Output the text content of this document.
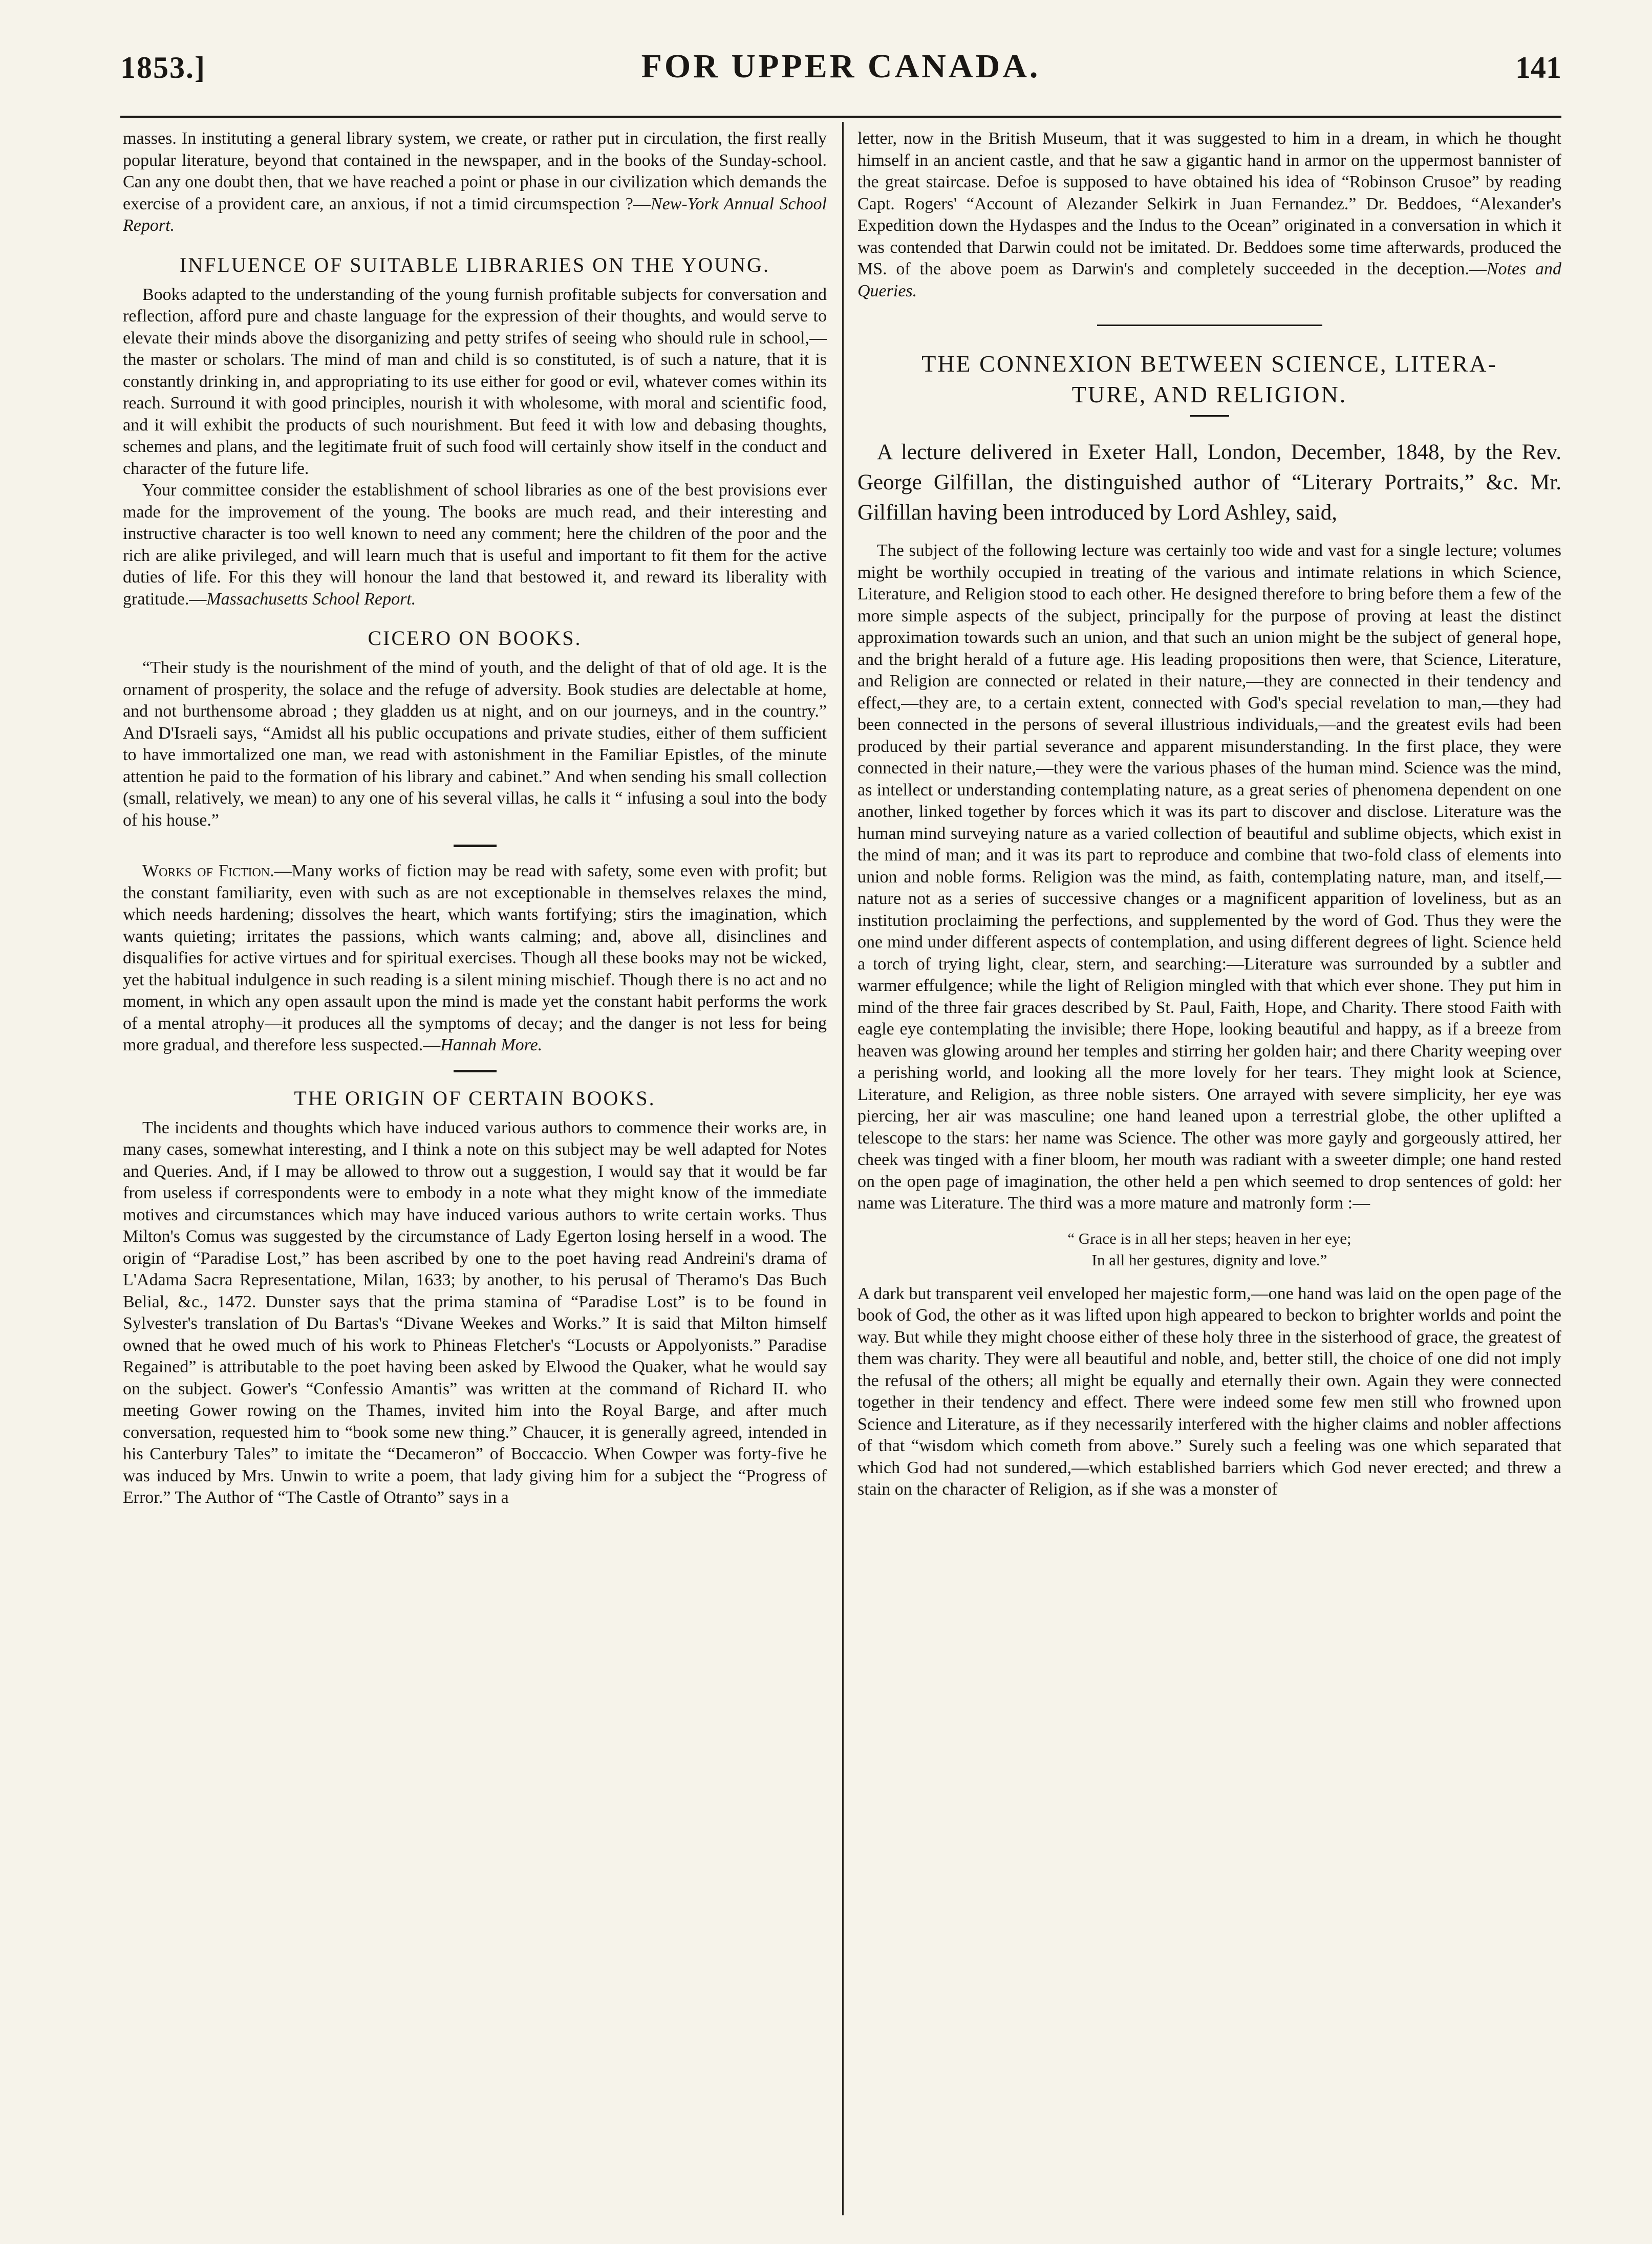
1853.]	FOR UPPER CANADA.	141

masses. In instituting a general library system, we create, or rather put in circulation, the first really popular literature, beyond that contained in the newspaper, and in the books of the Sunday-school. Can any one doubt then, that we have reached a point or phase in our civilization which demands the exercise of a provident care, an anxious, if not a timid circumspection ?—New-York Annual School Report.

INFLUENCE OF SUITABLE LIBRARIES ON THE YOUNG.

Books adapted to the understanding of the young furnish profitable subjects for conversation and reflection, afford pure and chaste language for the expression of their thoughts, and would serve to elevate their minds above the disorganizing and petty strifes of seeing who should rule in school,—the master or scholars. The mind of man and child is so constituted, is of such a nature, that it is constantly drinking in, and appropriating to its use either for good or evil, whatever comes within its reach. Surround it with good principles, nourish it with wholesome, with moral and scientific food, and it will exhibit the products of such nourishment. But feed it with low and debasing thoughts, schemes and plans, and the legitimate fruit of such food will certainly show itself in the conduct and character of the future life.

Your committee consider the establishment of school libraries as one of the best provisions ever made for the improvement of the young. The books are much read, and their interesting and instructive character is too well known to need any comment; here the children of the poor and the rich are alike privileged, and will learn much that is useful and important to fit them for the active duties of life. For this they will honour the land that bestowed it, and reward its liberality with gratitude.—Massachusetts School Report.

CICERO ON BOOKS.

“Their study is the nourishment of the mind of youth, and the delight of that of old age. It is the ornament of prosperity, the solace and the refuge of adversity. Book studies are delectable at home, and not burthensome abroad ; they gladden us at night, and on our journeys, and in the country.” And D'Israeli says, “Amidst all his public occupations and private studies, either of them sufficient to have immortalized one man, we read with astonishment in the Familiar Epistles, of the minute attention he paid to the formation of his library and cabinet.” And when sending his small collection (small, relatively, we mean) to any one of his several villas, he calls it “ infusing a soul into the body of his house.”

Works of Fiction.—Many works of fiction may be read with safety, some even with profit; but the constant familiarity, even with such as are not exceptionable in themselves relaxes the mind, which needs hardening; dissolves the heart, which wants fortifying; stirs the imagination, which wants quieting; irritates the passions, which wants calming; and, above all, disinclines and disqualifies for active virtues and for spiritual exercises. Though all these books may not be wicked, yet the habitual indulgence in such reading is a silent mining mischief. Though there is no act and no moment, in which any open assault upon the mind is made yet the constant habit performs the work of a mental atrophy—it produces all the symptoms of decay; and the danger is not less for being more gradual, and therefore less suspected.—Hannah More.

THE ORIGIN OF CERTAIN BOOKS.

The incidents and thoughts which have induced various authors to commence their works are, in many cases, somewhat interesting, and I think a note on this subject may be well adapted for Notes and Queries. And, if I may be allowed to throw out a suggestion, I would say that it would be far from useless if correspondents were to embody in a note what they might know of the immediate motives and circumstances which may have induced various authors to write certain works. Thus Milton's Comus was suggested by the circumstance of Lady Egerton losing herself in a wood. The origin of “Paradise Lost,” has been ascribed by one to the poet having read Andreini's drama of L'Adama Sacra Representatione, Milan, 1633; by another, to his perusal of Theramo's Das Buch Belial, &c., 1472. Dunster says that the prima stamina of “Paradise Lost” is to be found in Sylvester's translation of Du Bartas's “Divane Weekes and Works.” It is said that Milton himself owned that he owed much of his work to Phineas Fletcher's “Locusts or Appolyonists.” Paradise Regained” is attributable to the poet having been asked by Elwood the Quaker, what he would say on the subject. Gower's “Confessio Amantis” was written at the command of Richard II. who meeting Gower rowing on the Thames, invited him into the Royal Barge, and after much conversation, requested him to “book some new thing.” Chaucer, it is generally agreed, intended in his Canterbury Tales” to imitate the “Decameron” of Boccaccio. When Cowper was forty-five he was induced by Mrs. Unwin to write a poem, that lady giving him for a subject the “Progress of Error.” The Author of “The Castle of Otranto” says in a

letter, now in the British Museum, that it was suggested to him in a dream, in which he thought himself in an ancient castle, and that he saw a gigantic hand in armor on the uppermost bannister of the great staircase. Defoe is supposed to have obtained his idea of “Robinson Crusoe” by reading Capt. Rogers' “Account of Alezander Selkirk in Juan Fernandez.” Dr. Beddoes, “Alexander's Expedition down the Hydaspes and the Indus to the Ocean” originated in a conversation in which it was contended that Darwin could not be imitated. Dr. Beddoes some time afterwards, produced the MS. of the above poem as Darwin's and completely succeeded in the deception.—Notes and Queries.

THE CONNEXION BETWEEN SCIENCE, LITERA-
TURE, AND RELIGION.

A lecture delivered in Exeter Hall, London, December, 1848, by the Rev. George Gilfillan, the distinguished author of “Literary Portraits,” &c. Mr. Gilfillan having been introduced by Lord Ashley, said,

The subject of the following lecture was certainly too wide and vast for a single lecture; volumes might be worthily occupied in treating of the various and intimate relations in which Science, Literature, and Religion stood to each other. He designed therefore to bring before them a few of the more simple aspects of the subject, principally for the purpose of proving at least the distinct approximation towards such an union, and that such an union might be the subject of general hope, and the bright herald of a future age. His leading propositions then were, that Science, Literature, and Religion are connected or related in their nature,—they are connected in their tendency and effect,—they are, to a certain extent, connected with God's special revelation to man,—they had been connected in the persons of several illustrious individuals,—and the greatest evils had been produced by their partial severance and apparent misunderstanding. In the first place, they were connected in their nature,—they were the various phases of the human mind. Science was the mind, as intellect or understanding contemplating nature, as a great series of phenomena dependent on one another, linked together by forces which it was its part to discover and disclose. Literature was the human mind surveying nature as a varied collection of beautiful and sublime objects, which exist in the mind of man; and it was its part to reproduce and combine that two-fold class of elements into union and noble forms. Religion was the mind, as faith, contemplating nature, man, and itself,—nature not as a series of successive changes or a magnificent apparition of loveliness, but as an institution proclaiming the perfections, and supplemented by the word of God. Thus they were the one mind under different aspects of contemplation, and using different degrees of light. Science held a torch of trying light, clear, stern, and searching:—Literature was surrounded by a subtler and warmer effulgence; while the light of Religion mingled with that which ever shone. They put him in mind of the three fair graces described by St. Paul, Faith, Hope, and Charity. There stood Faith with eagle eye contemplating the invisible; there Hope, looking beautiful and happy, as if a breeze from heaven was glowing around her temples and stirring her golden hair; and there Charity weeping over a perishing world, and looking all the more lovely for her tears. They might look at Science, Literature, and Religion, as three noble sisters. One arrayed with severe simplicity, her eye was piercing, her air was masculine; one hand leaned upon a terrestrial globe, the other uplifted a telescope to the stars: her name was Science. The other was more gayly and gorgeously attired, her cheek was tinged with a finer bloom, her mouth was radiant with a sweeter dimple; one hand rested on the open page of imagination, the other held a pen which seemed to drop sentences of gold: her name was Literature. The third was a more mature and matronly form :—

“ Grace is in all her steps; heaven in her eye;
In all her gestures, dignity and love.”

A dark but transparent veil enveloped her majestic form,—one hand was laid on the open page of the book of God, the other as it was lifted upon high appeared to beckon to brighter worlds and point the way. But while they might choose either of these holy three in the sisterhood of grace, the greatest of them was charity. They were all beautiful and noble, and, better still, the choice of one did not imply the refusal of the others; all might be equally and eternally their own. Again they were connected together in their tendency and effect. There were indeed some few men still who frowned upon Science and Literature, as if they necessarily interfered with the higher claims and nobler affections of that “wisdom which cometh from above.” Surely such a feeling was one which separated that which God had not sundered,—which established barriers which God never erected; and threw a stain on the character of Religion, as if she was a monster of
